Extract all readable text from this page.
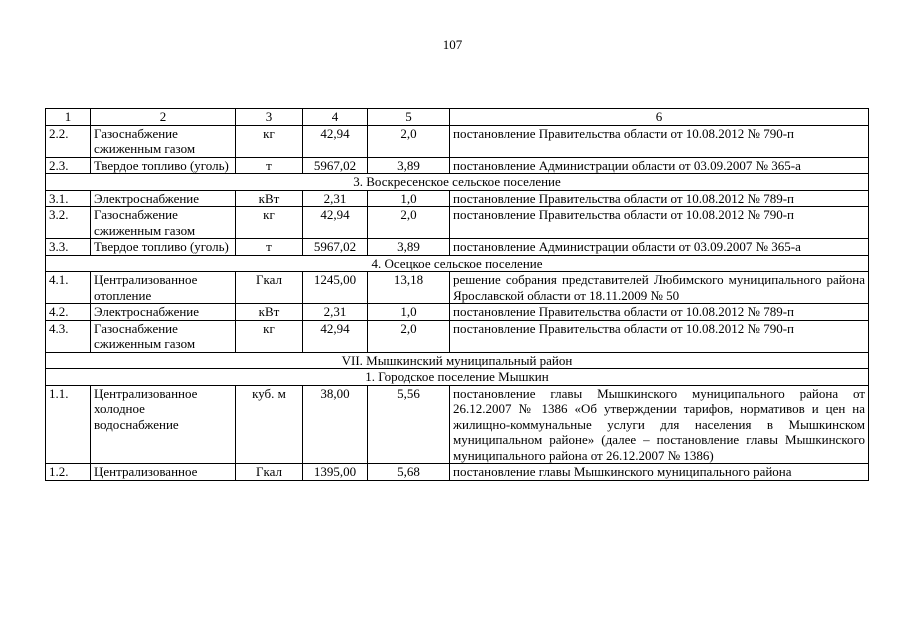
107
1	2	3	4	5	6
2.2.	Газоснабжение сжиженным газом	кг	42,94	2,0	постановление Правительства области от 10.08.2012 № 790-п
2.3.	Твердое топливо (уголь)	т	5967,02	3,89	постановление Администрации области от 03.09.2007 № 365-а
3. Воскресенское сельское поселение					
3.1.	Электроснабжение	кВт	2,31	1,0	постановление Правительства области от 10.08.2012 № 789-п
3.2.	Газоснабжение сжиженным газом	кг	42,94	2,0	постановление Правительства области от 10.08.2012 № 790-п
3.3.	Твердое топливо (уголь)	т	5967,02	3,89	постановление Администрации области от 03.09.2007 № 365-а
4. Осецкое сельское поселение					
4.1.	Централизованное отопление	Гкал	1245,00	13,18	решение собрания представителей Любимского муниципального района Ярославской области от 18.11.2009 № 50
4.2.	Электроснабжение	кВт	2,31	1,0	постановление Правительства области от 10.08.2012 № 789-п
4.3.	Газоснабжение сжиженным газом	кг	42,94	2,0	постановление Правительства области от 10.08.2012 № 790-п
VII. Мышкинский муниципальный район					
1. Городское поселение Мышкин					
1.1.	Централизованное холодное водоснабжение	куб. м	38,00	5,56	постановление главы Мышкинского муниципального района от 26.12.2007 № 1386 «Об утверждении тарифов, нормативов и цен на жилищно-коммунальные услуги для населения в Мышкинском муниципальном районе» (далее – постановление главы Мышкинского муниципального района от 26.12.2007 № 1386)
1.2.	Централизованное	Гкал	1395,00	5,68	постановление главы Мышкинского муниципального района
